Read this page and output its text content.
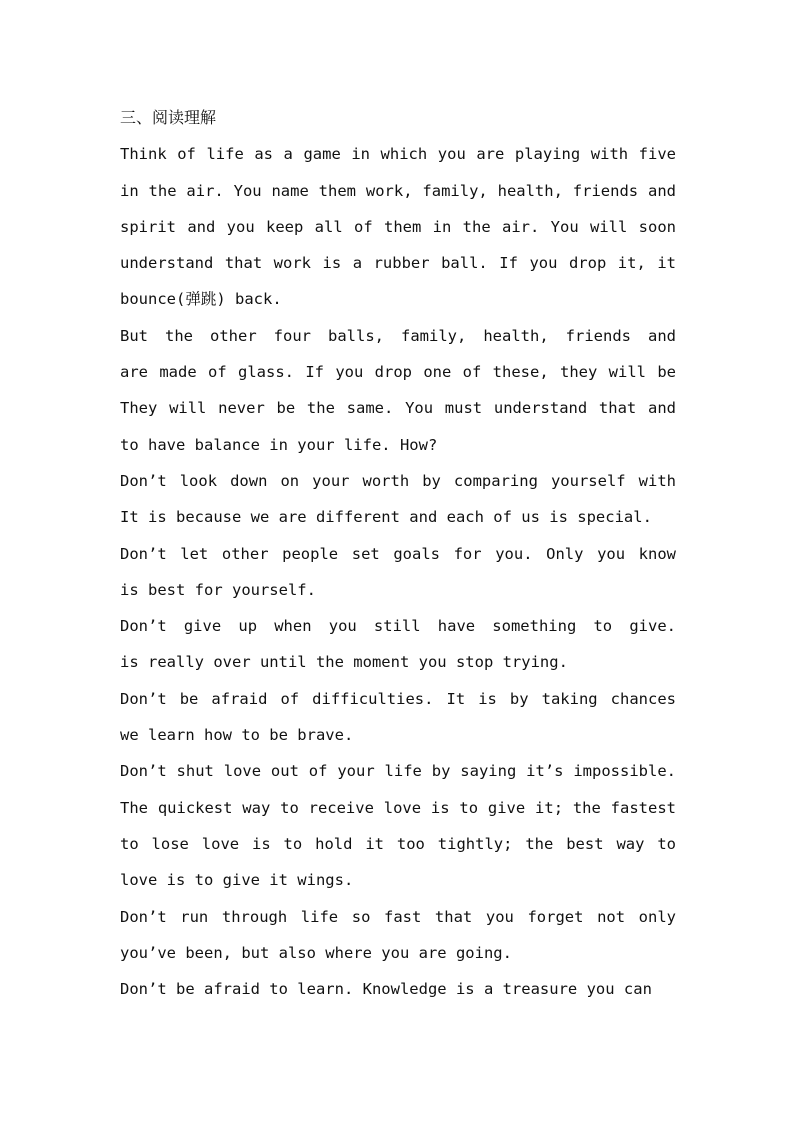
三、阅读理解
Think of life as a game in which you are playing with five
in the air. You name them work, family, health, friends and
spirit and you keep all of them in the air. You will soon
understand that work is a rubber ball. If you drop it, it
bounce(弹跳) back.
But the other four balls, family, health, friends and
are made of glass. If you drop one of these, they will be
They will never be the same. You must understand that and
to have balance in your life. How?
Don’t look down on your worth by comparing yourself with
It is because we are different and each of us is special.
Don’t let other people set goals for you. Only you know
is best for yourself.
Don’t give up when you still have something to give.
is really over until the moment you stop trying.
Don’t be afraid of difficulties. It is by taking chances
we learn how to be brave.
Don’t shut love out of your life by saying it’s impossible.
The quickest way to receive love is to give it; the fastest
to lose love is to hold it too tightly; the best way to
love is to give it wings.
Don’t run through life so fast that you forget not only
you’ve been, but also where you are going.
Don’t be afraid to learn. Knowledge is a treasure you can
